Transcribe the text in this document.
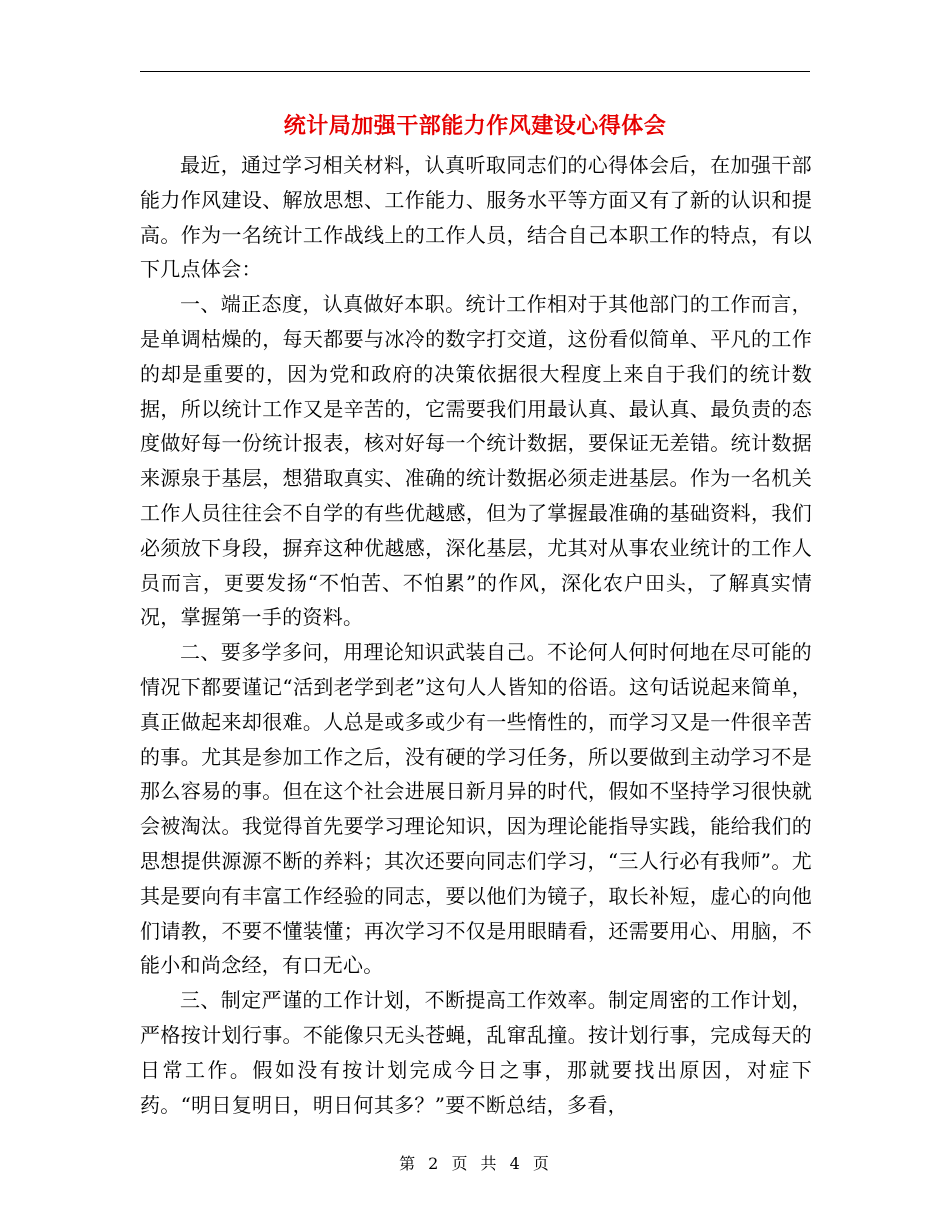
统计局加强干部能力作风建设心得体会

最近，通过学习相关材料，认真听取同志们的心得体会后，在加强干部能力作风建设、解放思想、工作能力、服务水平等方面又有了新的认识和提高。作为一名统计工作战线上的工作人员，结合自己本职工作的特点，有以下几点体会：

一、端正态度，认真做好本职。统计工作相对于其他部门的工作而言，是单调枯燥的，每天都要与冰冷的数字打交道，这份看似简单、平凡的工作的却是重要的，因为党和政府的决策依据很大程度上来自于我们的统计数据，所以统计工作又是辛苦的，它需要我们用最认真、最认真、最负责的态度做好每一份统计报表，核对好每一个统计数据，要保证无差错。统计数据来源泉于基层，想猎取真实、准确的统计数据必须走进基层。作为一名机关工作人员往往会不自学的有些优越感，但为了掌握最准确的基础资料，我们必须放下身段，摒弃这种优越感，深化基层，尤其对从事农业统计的工作人员而言，更要发扬“不怕苦、不怕累”的作风，深化农户田头，了解真实情况，掌握第一手的资料。

二、要多学多问，用理论知识武装自己。不论何人何时何地在尽可能的情况下都要谨记“活到老学到老”这句人人皆知的俗语。这句话说起来简单，真正做起来却很难。人总是或多或少有一些惰性的，而学习又是一件很辛苦的事。尤其是参加工作之后，没有硬的学习任务，所以要做到主动学习不是那么容易的事。但在这个社会进展日新月异的时代，假如不坚持学习很快就会被淘汰。我觉得首先要学习理论知识，因为理论能指导实践，能给我们的思想提供源源不断的养料；其次还要向同志们学习，“三人行必有我师”。尤其是要向有丰富工作经验的同志，要以他们为镜子，取长补短，虚心的向他们请教，不要不懂装懂；再次学习不仅是用眼睛看，还需要用心、用脑，不能小和尚念经，有口无心。

三、制定严谨的工作计划，不断提高工作效率。制定周密的工作计划，严格按计划行事。不能像只无头苍蝇，乱窜乱撞。按计划行事，完成每天的日常工作。假如没有按计划完成今日之事，那就要找出原因，对症下药。“明日复明日，明日何其多？”要不断总结，多看，

第 2 页 共 4 页
